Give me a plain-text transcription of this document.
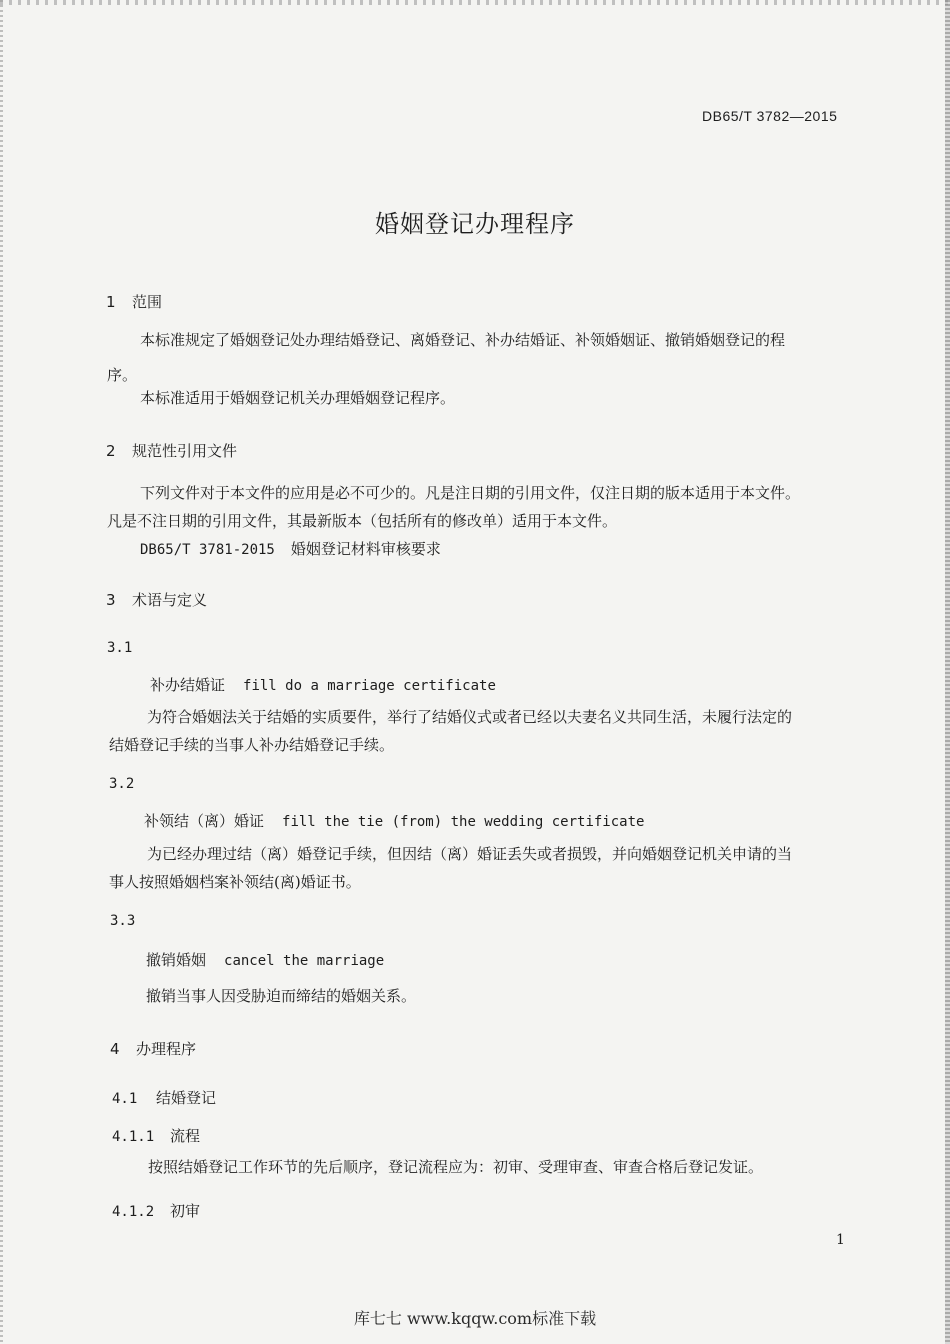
DB65/T 3782—2015
婚姻登记办理程序
1 范围
本标准规定了婚姻登记处办理结婚登记、离婚登记、补办结婚证、补领婚姻证、撤销婚姻登记的程
序。
本标准适用于婚姻登记机关办理婚姻登记程序。
2 规范性引用文件
下列文件对于本文件的应用是必不可少的。凡是注日期的引用文件，仅注日期的版本适用于本文件。
凡是不注日期的引用文件，其最新版本（包括所有的修改单）适用于本文件。
DB65/T 3781-2015 婚姻登记材料审核要求
3 术语与定义
3.1
补办结婚证 fill do a marriage certificate
为符合婚姻法关于结婚的实质要件，举行了结婚仪式或者已经以夫妻名义共同生活，未履行法定的
结婚登记手续的当事人补办结婚登记手续。
3.2
补领结（离）婚证 fill the tie (from) the wedding certificate
为已经办理过结（离）婚登记手续，但因结（离）婚证丢失或者损毁，并向婚姻登记机关申请的当
事人按照婚姻档案补领结(离)婚证书。
3.3
撤销婚姻 cancel the marriage
撤销当事人因受胁迫而缔结的婚姻关系。
4 办理程序
4.1 结婚登记
4.1.1 流程
按照结婚登记工作环节的先后顺序，登记流程应为：初审、受理审查、审查合格后登记发证。
4.1.2 初审
1
库七七 www.kqqw.com标准下载
